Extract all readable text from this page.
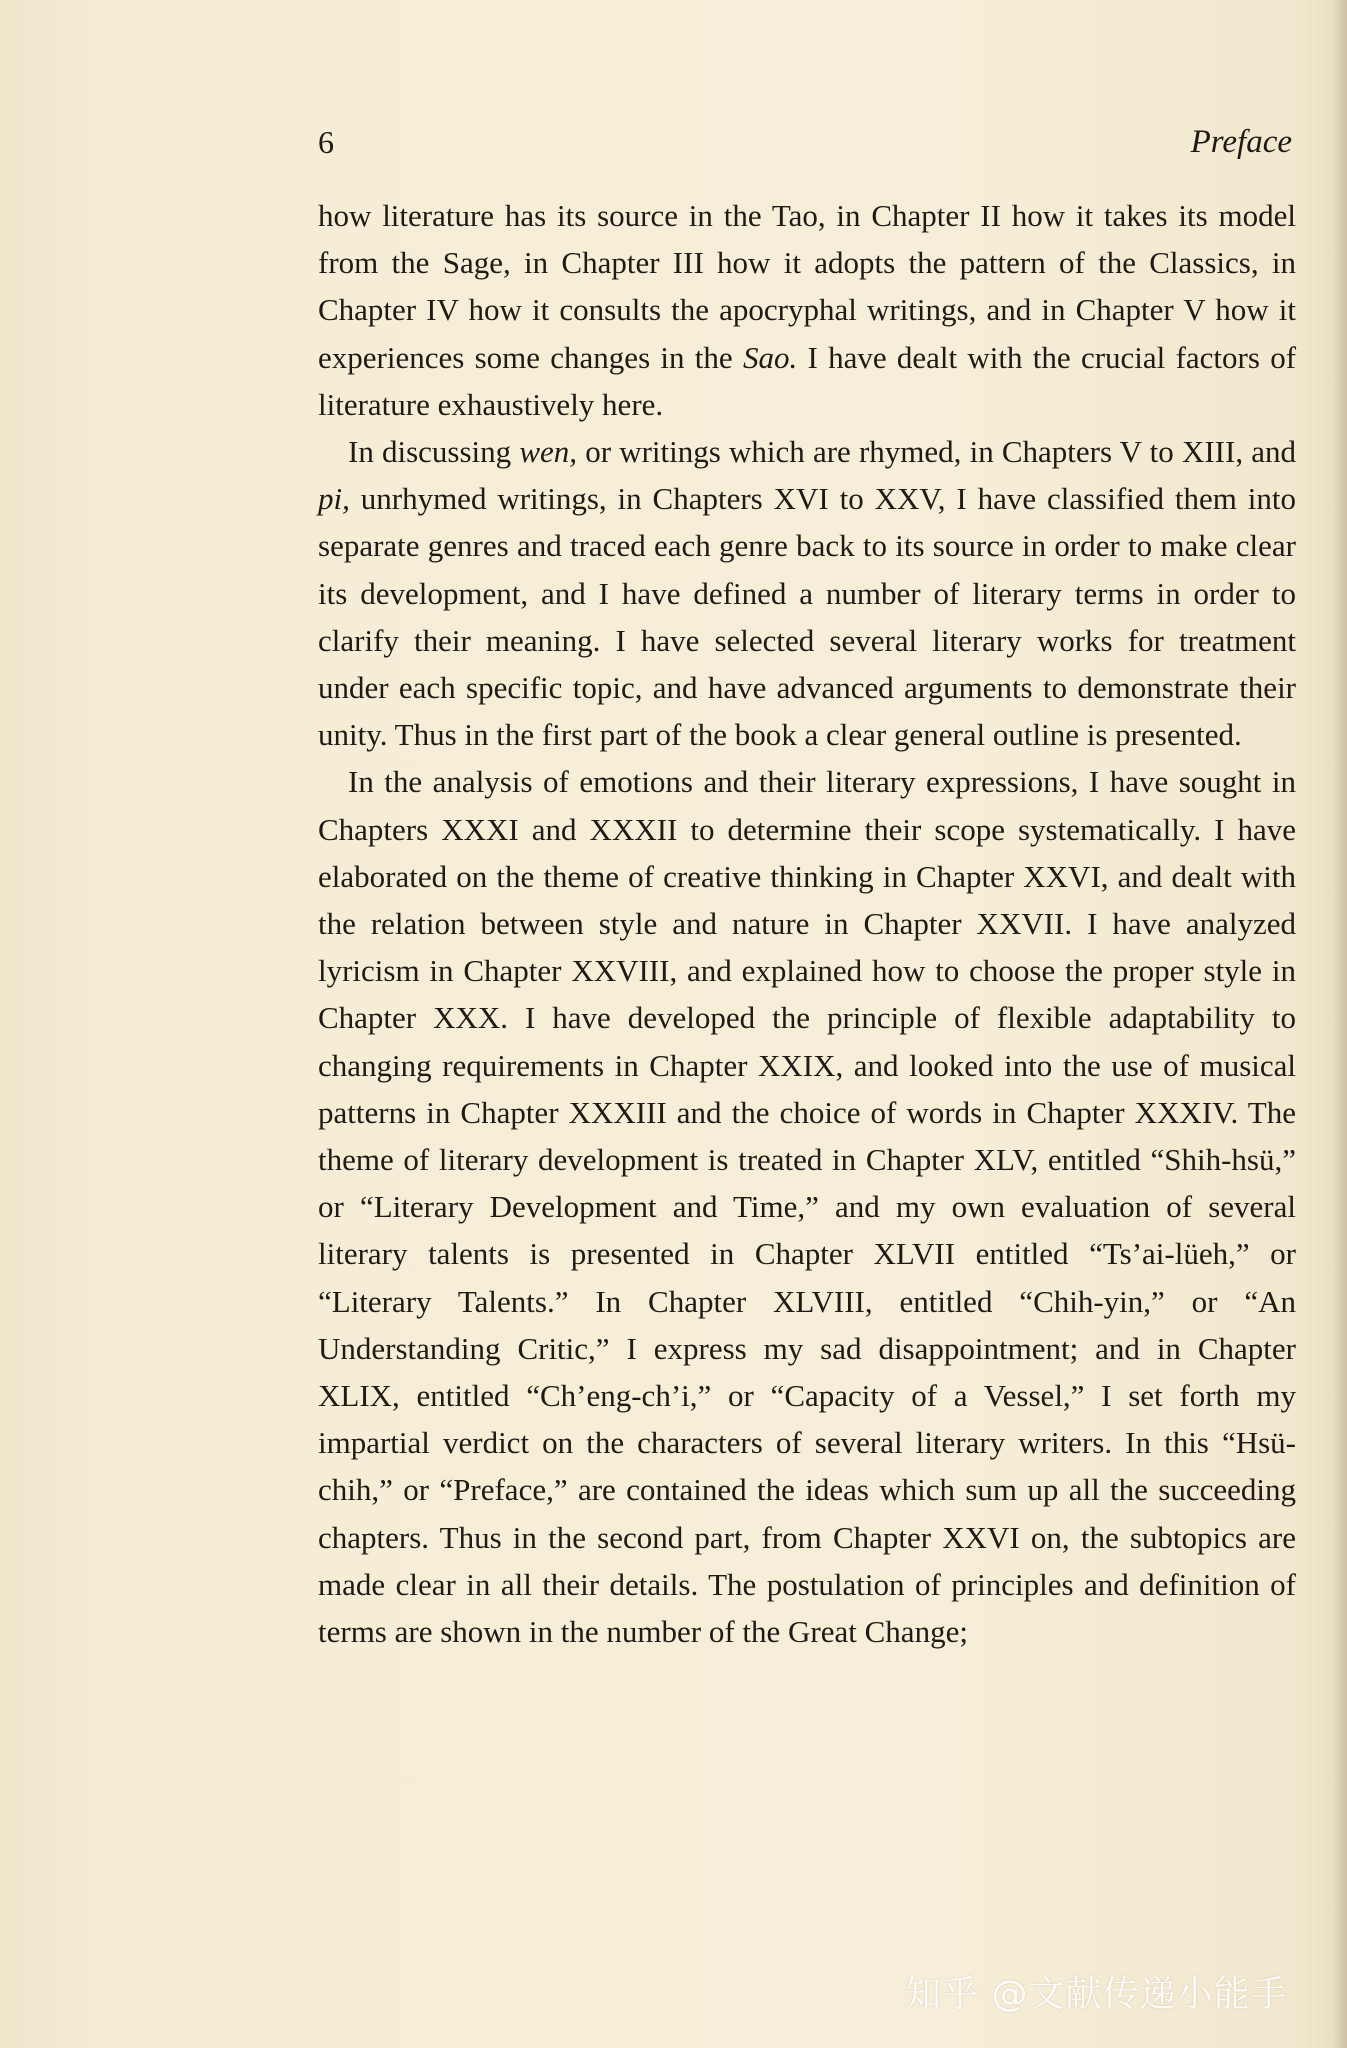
6	Preface

how literature has its source in the Tao, in Chapter II how it takes its model from the Sage, in Chapter III how it adopts the pattern of the Classics, in Chapter IV how it consults the apocryphal writings, and in Chapter V how it experiences some changes in the Sao. I have dealt with the crucial factors of literature exhaustively here.

In discussing wen, or writings which are rhymed, in Chapters V to XIII, and pi, unrhymed writings, in Chapters XVI to XXV, I have classified them into separate genres and traced each genre back to its source in order to make clear its development, and I have defined a number of literary terms in order to clarify their meaning. I have selected several literary works for treatment under each specific topic, and have advanced arguments to demonstrate their unity. Thus in the first part of the book a clear general outline is presented.

In the analysis of emotions and their literary expressions, I have sought in Chapters XXXI and XXXII to determine their scope systematically. I have elaborated on the theme of creative thinking in Chapter XXVI, and dealt with the relation between style and nature in Chapter XXVII. I have analyzed lyricism in Chapter XXVIII, and explained how to choose the proper style in Chapter XXX. I have developed the principle of flexible adaptability to changing requirements in Chapter XXIX, and looked into the use of musical patterns in Chapter XXXIII and the choice of words in Chapter XXXIV. The theme of literary development is treated in Chapter XLV, entitled “Shih-hsü,” or “Literary Development and Time,” and my own evaluation of several literary talents is presented in Chapter XLVII entitled “Ts’ai-lüeh,” or “Literary Talents.” In Chapter XLVIII, entitled “Chih-yin,” or “An Understanding Critic,” I express my sad disappointment; and in Chapter XLIX, entitled “Ch’eng-ch’i,” or “Capacity of a Vessel,” I set forth my impartial verdict on the characters of several literary writers. In this “Hsü-chih,” or “Preface,” are contained the ideas which sum up all the succeeding chapters. Thus in the second part, from Chapter XXVI on, the subtopics are made clear in all their details. The postulation of principles and definition of terms are shown in the number of the Great Change;

知乎 @文献传递小能手
